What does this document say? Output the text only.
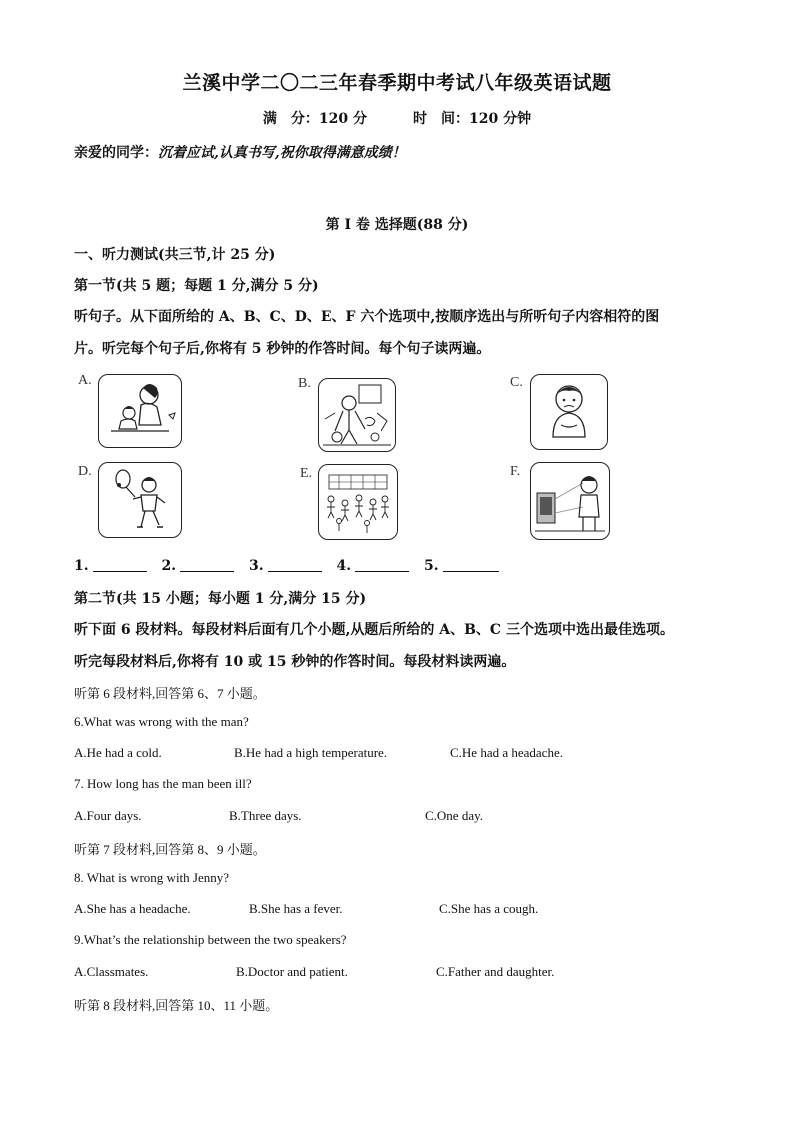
兰溪中学二〇二三年春季期中考试八年级英语试题
满　分：120 分	时　间：120 分钟
亲爱的同学：沉着应试,认真书写,祝你取得满意成绩！
第 I 卷 选择题(88 分)
一、听力测试(共三节,计 25 分)
第一节(共 5 题；每题 1 分,满分 5 分)
听句子。从下面所给的 A、B、C、D、E、F 六个选项中,按顺序选出与所听句子内容相符的图
片。听完每个句子后,你将有 5 秒钟的作答时间。每个句子读两遍。
A.	B.	C.
D.	E.	F.
1.	2.	3.	4.	5.
第二节(共 15 小题；每小题 1 分,满分 15 分)
听下面 6 段材料。每段材料后面有几个小题,从题后所给的 A、B、C 三个选项中选出最佳选项。
听完每段材料后,你将有 10 或 15 秒钟的作答时间。每段材料读两遍。
听第 6 段材料,回答第 6、7 小题。
6.What was wrong with the man?
A.He had a cold.	B.He had a high temperature.	C.He had a headache.
7. How long has the man been ill?
A.Four days.	B.Three days.	C.One day.
听第 7 段材料,回答第 8、9 小题。
8. What is wrong with Jenny?
A.She has a headache.	B.She has a fever.	C.She has a cough.
9.What’s the relationship between the two speakers?
A.Classmates.	B.Doctor and patient.	C.Father and daughter.
听第 8 段材料,回答第 10、11 小题。
